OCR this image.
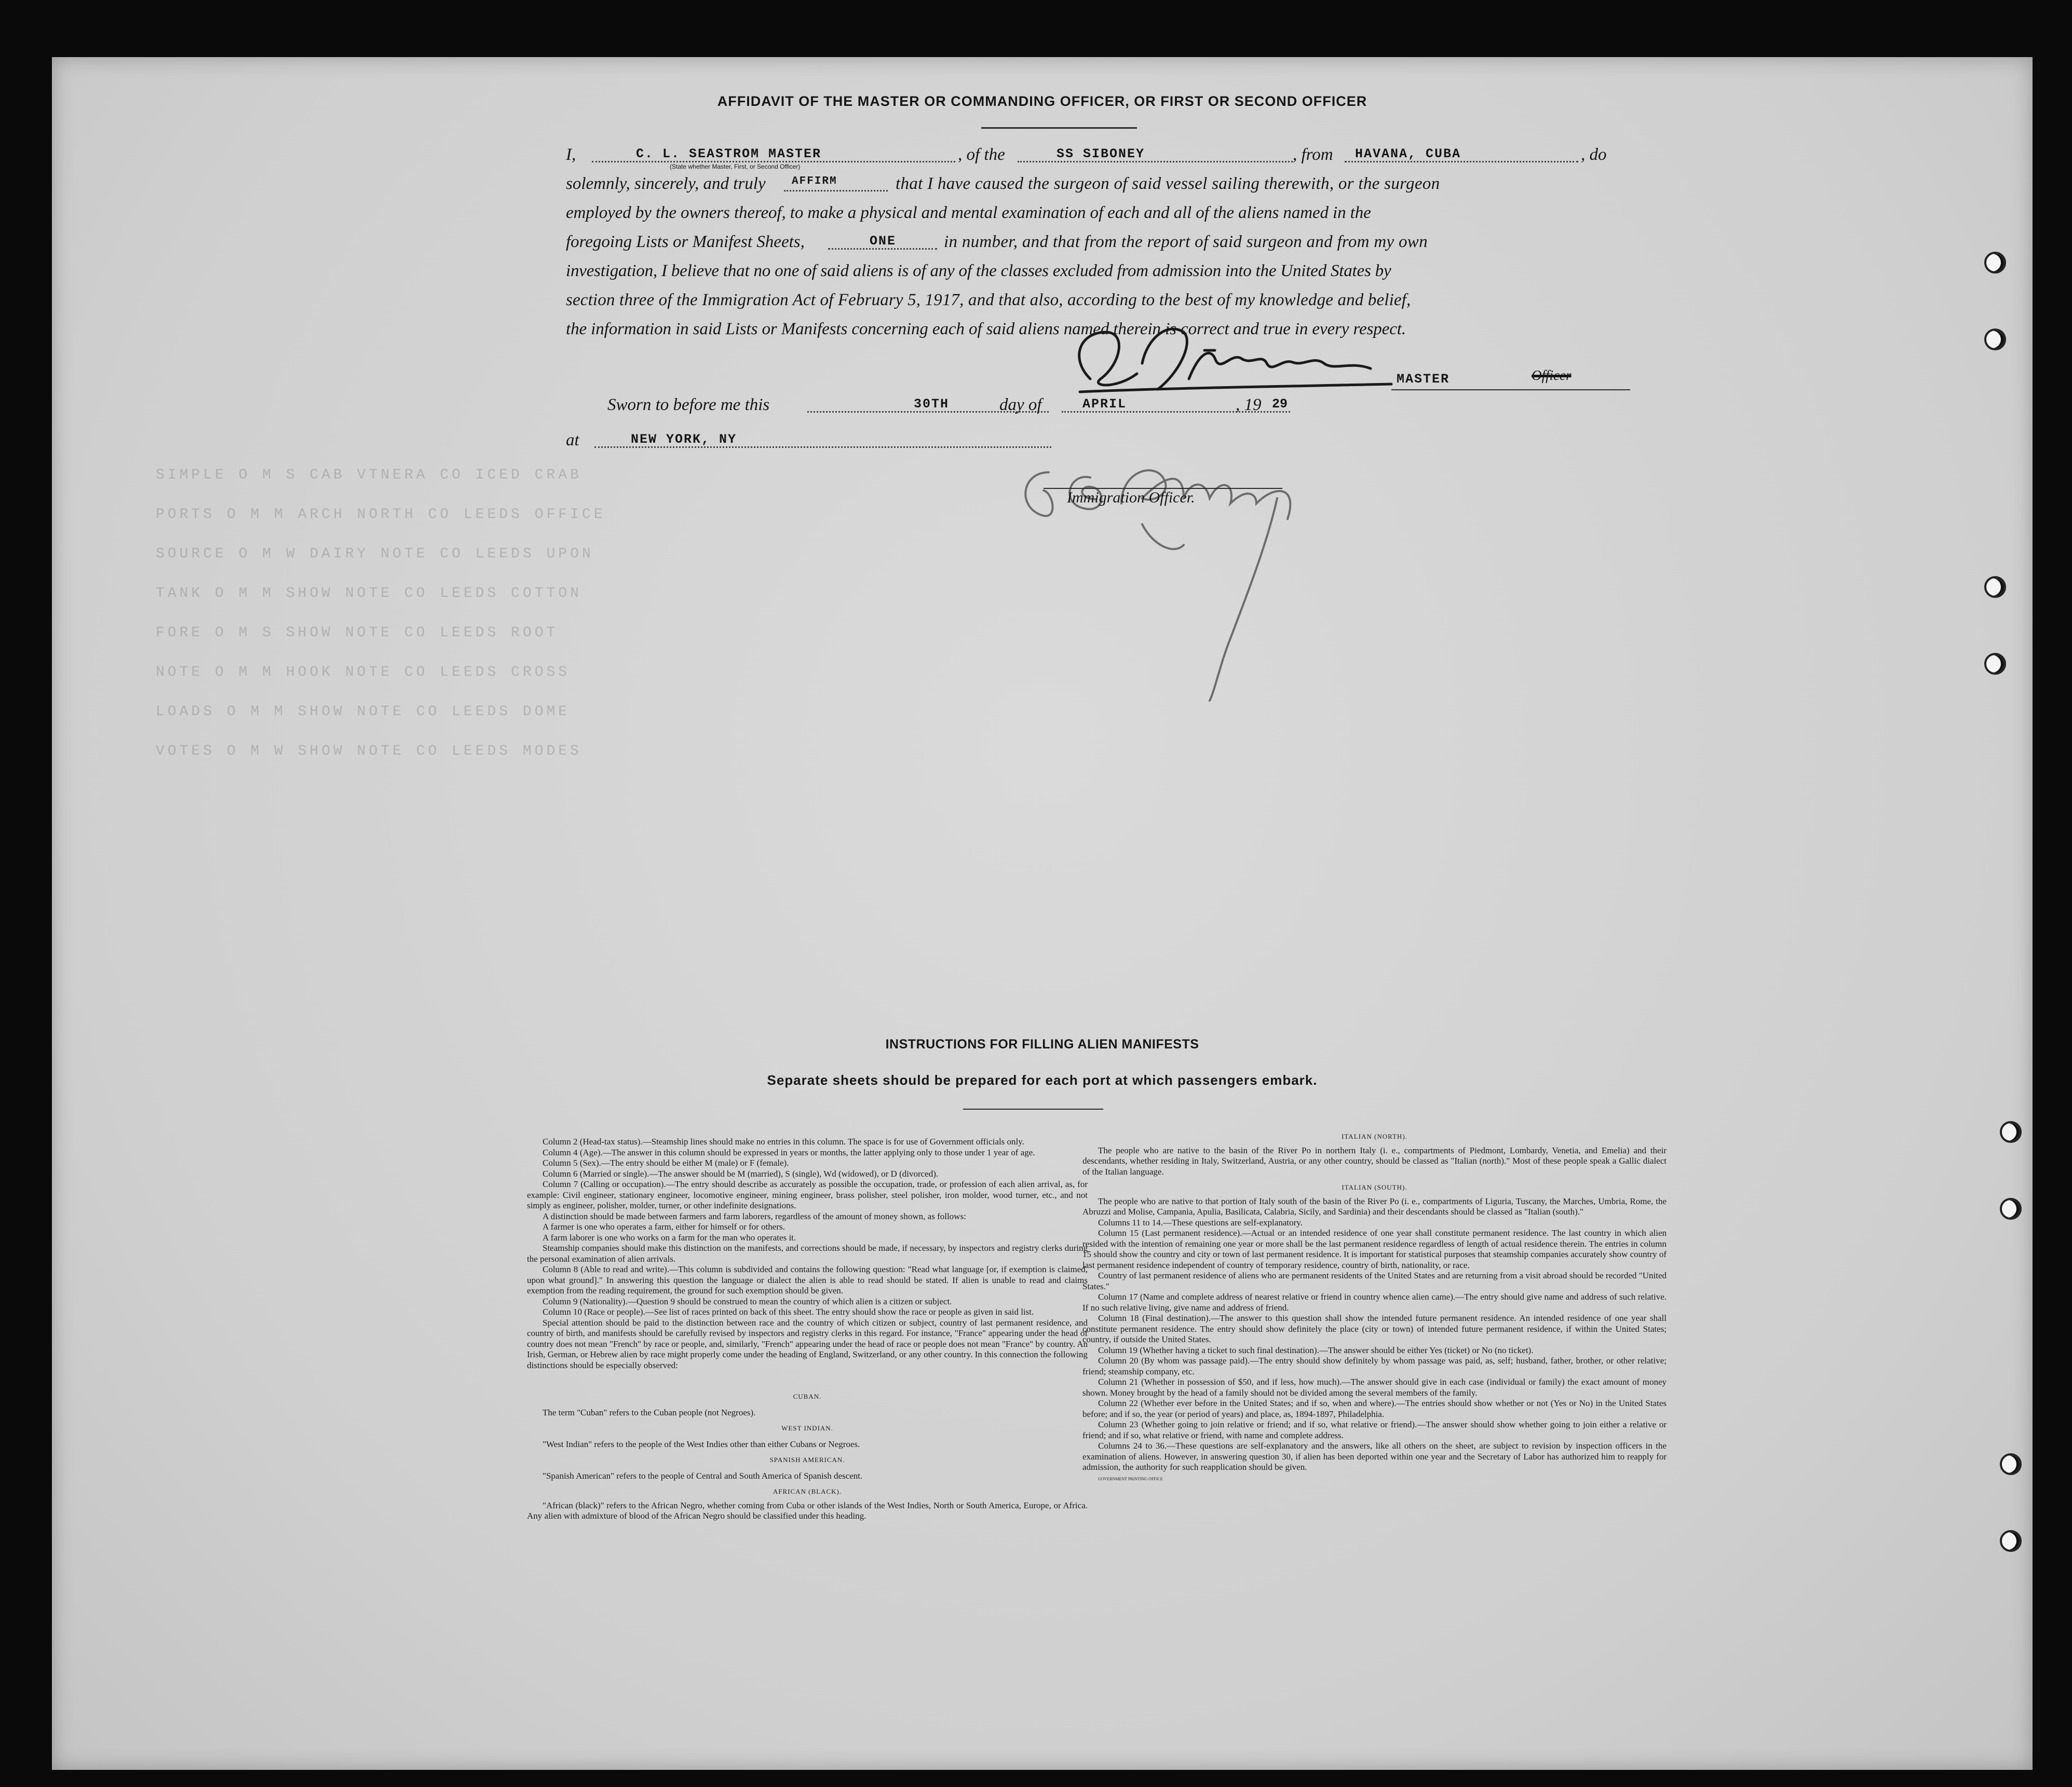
SIMPLE O M S CAB VTNERA CO ICED CRAB
PORTS O M M ARCH NORTH CO LEEDS OFFICE
SOURCE O M W DAIRY NOTE CO LEEDS UPON
TANK O M M SHOW NOTE CO LEEDS COTTON
FORE O M S SHOW NOTE CO LEEDS ROOT
NOTE O M M HOOK NOTE CO LEEDS CROSS
LOADS O M M SHOW NOTE CO LEEDS DOME
VOTES O M W SHOW NOTE CO LEEDS MODES
AFFIDAVIT OF THE MASTER OR COMMANDING OFFICER, OR FIRST OR SECOND OFFICER
I,	C. L. SEASTROM MASTER
(State whether Master, First, or Second Officer)
, of the	SS SIBONEY	, from HAVANA, CUBA	, do
solemnly, sincerely, and truly AFFIRM	that I have caused the surgeon of said vessel sailing therewith, or the surgeon
employed by the owners thereof, to make a physical and mental examination of each and all of the aliens named in the
foregoing Lists or Manifest Sheets,	ONE	in number, and that from the report of said surgeon and from my own
investigation, I believe that no one of said aliens is of any of the classes excluded from admission into the United States by
section three of the Immigration Act of February 5, 1917, and that also, according to the best of my knowledge and belief,
the information in said Lists or Manifests concerning each of said aliens named therein is correct and true in every respect.
MASTER	Officer
Sworn to before me this	30TH	day of	APRIL	, 19 29
at	NEW YORK, NY
Immigration Officer.
INSTRUCTIONS FOR FILLING ALIEN MANIFESTS
Separate sheets should be prepared for each port at which passengers embark.

Column 2 (Head-tax status).—Steamship lines should make no entries in this column. The space is for use of Government officials only.

Column 4 (Age).—The answer in this column should be expressed in years or months, the latter applying only to those under 1 year of age.

Column 5 (Sex).—The entry should be either M (male) or F (female).

Column 6 (Married or single).—The answer should be M (married), S (single), Wd (widowed), or D (divorced).

Column 7 (Calling or occupation).—The entry should describe as accurately as possible the occupation, trade, or profession of each alien arrival, as, for example: Civil engineer, stationary engineer, locomotive engineer, mining engineer, brass polisher, steel polisher, iron molder, wood turner, etc., and not simply as engineer, polisher, molder, turner, or other indefinite designations.

A distinction should be made between farmers and farm laborers, regardless of the amount of money shown, as follows:

A farmer is one who operates a farm, either for himself or for others.

A farm laborer is one who works on a farm for the man who operates it.

Steamship companies should make this distinction on the manifests, and corrections should be made, if necessary, by inspectors and registry clerks during the personal examination of alien arrivals.

Column 8 (Able to read and write).—This column is subdivided and contains the following question: "Read what language [or, if exemption is claimed, upon what ground]." In answering this question the language or dialect the alien is able to read should be stated. If alien is unable to read and claims exemption from the reading requirement, the ground for such exemption should be given.

Column 9 (Nationality).—Question 9 should be construed to mean the country of which alien is a citizen or subject.

Column 10 (Race or people).—See list of races printed on back of this sheet. The entry should show the race or people as given in said list.

Special attention should be paid to the distinction between race and the country of which citizen or subject, country of last permanent residence, and country of birth, and manifests should be carefully revised by inspectors and registry clerks in this regard. For instance, "France" appearing under the head of country does not mean "French" by race or people, and, similarly, "French" appearing under the head of race or people does not mean "France" by country. An Irish, German, or Hebrew alien by race might properly come under the heading of England, Switzerland, or any other country. In this connection the following distinctions should be especially observed:

CUBAN.

The term "Cuban" refers to the Cuban people (not Negroes).

WEST INDIAN.

"West Indian" refers to the people of the West Indies other than either Cubans or Negroes.

SPANISH AMERICAN.

"Spanish American" refers to the people of Central and South America of Spanish descent.

AFRICAN (BLACK).

"African (black)" refers to the African Negro, whether coming from Cuba or other islands of the West Indies, North or South America, Europe, or Africa. Any alien with admixture of blood of the African Negro should be classified under this heading.

ITALIAN (NORTH).

The people who are native to the basin of the River Po in northern Italy (i. e., compartments of Piedmont, Lombardy, Venetia, and Emelia) and their descendants, whether residing in Italy, Switzerland, Austria, or any other country, should be classed as "Italian (north)." Most of these people speak a Gallic dialect of the Italian language.

ITALIAN (SOUTH).

The people who are native to that portion of Italy south of the basin of the River Po (i. e., compartments of Liguria, Tuscany, the Marches, Umbria, Rome, the Abruzzi and Molise, Campania, Apulia, Basilicata, Calabria, Sicily, and Sardinia) and their descendants should be classed as "Italian (south)."

Columns 11 to 14.—These questions are self-explanatory.

Column 15 (Last permanent residence).—Actual or an intended residence of one year shall constitute permanent residence. The last country in which alien resided with the intention of remaining one year or more shall be the last permanent residence regardless of length of actual residence therein. The entries in column 15 should show the country and city or town of last permanent residence. It is important for statistical purposes that steamship companies accurately show country of last permanent residence independent of country of temporary residence, country of birth, nationality, or race.

Country of last permanent residence of aliens who are permanent residents of the United States and are returning from a visit abroad should be recorded "United States."

Column 17 (Name and complete address of nearest relative or friend in country whence alien came).—The entry should give name and address of such relative. If no such relative living, give name and address of friend.

Column 18 (Final destination).—The answer to this question shall show the intended future permanent residence. An intended residence of one year shall constitute permanent residence. The entry should show definitely the place (city or town) of intended future permanent residence, if within the United States; country, if outside the United States.

Column 19 (Whether having a ticket to such final destination).—The answer should be either Yes (ticket) or No (no ticket).

Column 20 (By whom was passage paid).—The entry should show definitely by whom passage was paid, as, self; husband, father, brother, or other relative; friend; steamship company, etc.

Column 21 (Whether in possession of $50, and if less, how much).—The answer should give in each case (individual or family) the exact amount of money shown. Money brought by the head of a family should not be divided among the several members of the family.

Column 22 (Whether ever before in the United States; and if so, when and where).—The entries should show whether or not (Yes or No) in the United States before; and if so, the year (or period of years) and place, as, 1894-1897, Philadelphia.

Column 23 (Whether going to join relative or friend; and if so, what relative or friend).—The answer should show whether going to join either a relative or friend; and if so, what relative or friend, with name and complete address.

Columns 24 to 36.—These questions are self-explanatory and the answers, like all others on the sheet, are subject to revision by inspection officers in the examination of aliens. However, in answering question 30, if alien has been deported within one year and the Secretary of Labor has authorized him to reapply for admission, the authority for such reapplication should be given.

GOVERNMENT PRINTING OFFICE
